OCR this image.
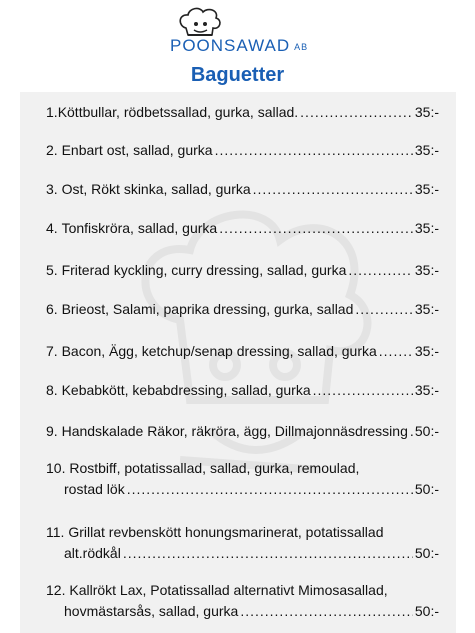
POONSAWAD AB
Baguetter
1. Köttbullar, rödbetssallad, gurka, sallad. .....	35:-
2.
Enbart ost, sallad, gurka .....	35:-
3.
Ost, Rökt skinka, sallad, gurka .....	35:-
4.
Tonfiskröra, sallad, gurka .....	35:-
5.
Friterad kyckling, curry dressing, sallad, gurka .....	35:-
6.
Brieost, Salami, paprika dressing, gurka, sallad .....	35:-
7.
Bacon, Ägg, ketchup/senap dressing, sallad, gurka .....	35:-
8.
Kebabkött, kebabdressing, sallad, gurka .....	35:-
9.
Handskalade Räkor, räkröra, ägg, Dillmajonnäsdressing ..... 50:-
10. Rostbiff, potatissallad, sallad, gurka, remoulad,
rostad lök .....	50:-
11. Grillat revbenskött honungsmarinerat, potatissallad
alt.rödkål .....	50:-
12. Kallrökt Lax, Potatissallad alternativt Mimosasallad,
hovmästarsås, sallad, gurka .....	50:-
